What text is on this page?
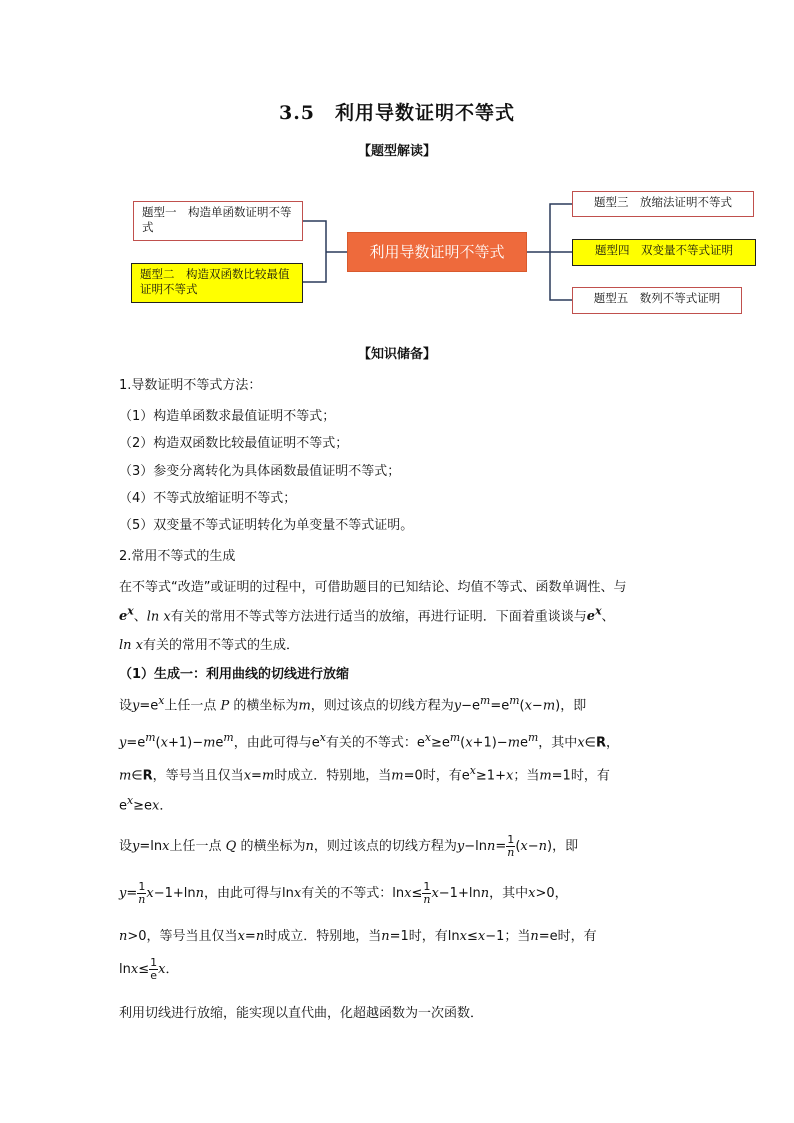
3.5　利用导数证明不等式
【题型解读】
题型一　构造单函数证明不等式
题型二　构造双函数比较最值证明不等式
利用导数证明不等式
题型三　放缩法证明不等式
题型四　双变量不等式证明
题型五　数列不等式证明
【知识储备】
1.导数证明不等式方法：
（1）构造单函数求最值证明不等式；
（2）构造双函数比较最值证明不等式；
（3）参变分离转化为具体函数最值证明不等式；
（4）不等式放缩证明不等式；
（5）双变量不等式证明转化为单变量不等式证明。
2.常用不等式的生成
在不等式“改造”或证明的过程中，可借助题目的已知结论、均值不等式、函数单调性、与
$e^x$、ln x有关的常用不等式等方法进行适当的放缩，再进行证明．下面着重谈谈与$e^x$、
ln x有关的常用不等式的生成．
（1）生成一：利用曲线的切线进行放缩
设$y=e^x$上任一点 P 的横坐标为m，则过该点的切线方程为$y-e^m=e^m(x-m)$，即
$y=e^m(x+1)-me^m$，由此可得与$e^x$有关的不等式：$e^x\ge e^m(x+1)-me^m$，其中x∈R，
m∈R，等号当且仅当x=m时成立．特别地，当m=0时，有$e^x\ge 1+x$；当m=1时，有
$e^x\ge ex$．
设y=lnx上任一点 Q 的横坐标为n，则过该点的切线方程为$y-\ln n= \frac{1}{n} (x-n)$，即
$y= \frac{1}{n} x-1+\ln n$，由此可得与lnx有关的不等式：$\ln x\le \frac{1}{n} x-1+\ln n$，其中x>0，
n>0，等号当且仅当x=n时成立．特别地，当n=1时，有lnx≤x−1；当n=e时，有
$\ln x\le \frac{1}{e}$ x．
利用切线进行放缩，能实现以直代曲，化超越函数为一次函数．
